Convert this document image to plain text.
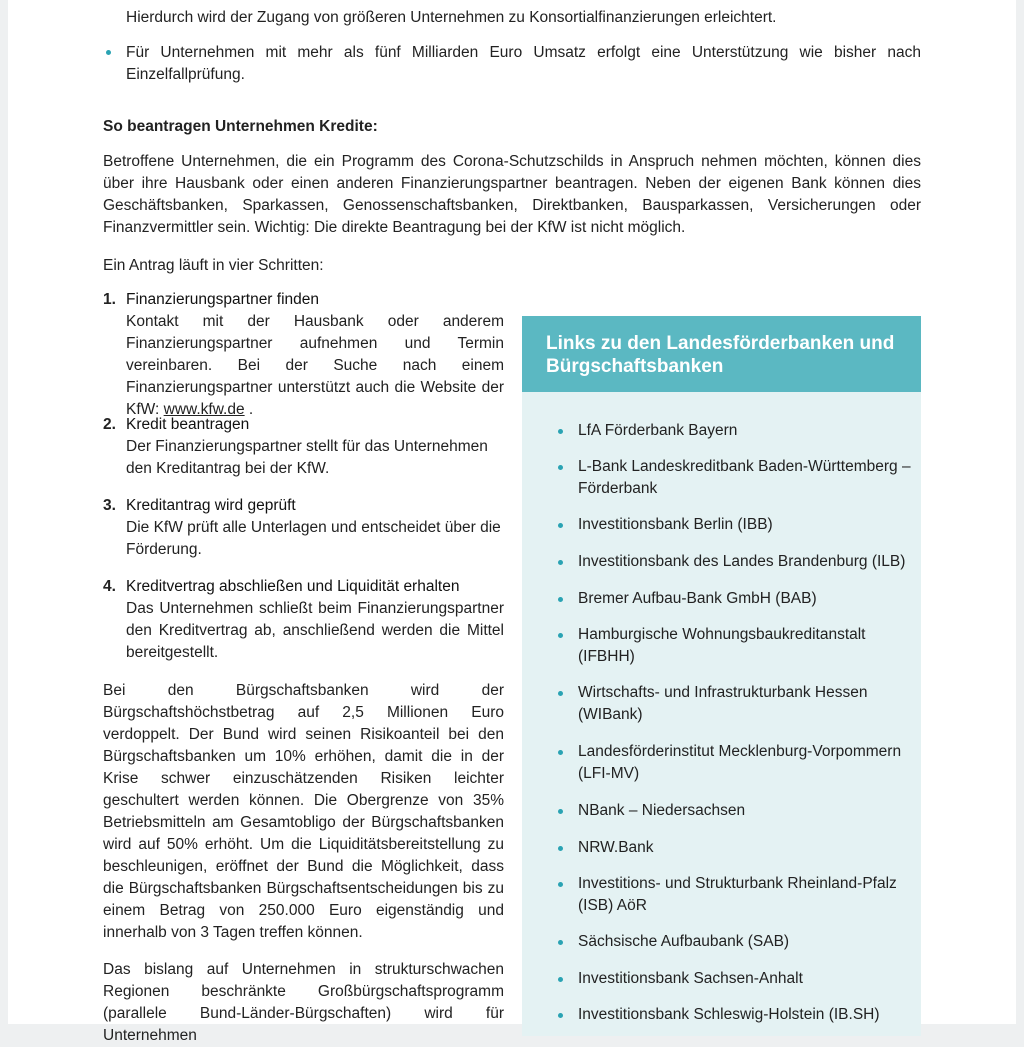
Hierdurch wird der Zugang von größeren Unternehmen zu Konsortialfinanzierungen erleichtert.
Für Unternehmen mit mehr als fünf Milliarden Euro Umsatz erfolgt eine Unterstützung wie bisher nach Einzelfallprüfung.
So beantragen Unternehmen Kredite:
Betroffene Unternehmen, die ein Programm des Corona-Schutzschilds in Anspruch nehmen möchten, können dies über ihre Hausbank oder einen anderen Finanzierungspartner beantragen. Neben der eigenen Bank können dies Geschäftsbanken, Sparkassen, Genossenschaftsbanken, Direktbanken, Bausparkassen, Versicherungen oder Finanzvermittler sein. Wichtig: Die direkte Beantragung bei der KfW ist nicht möglich.
Ein Antrag läuft in vier Schritten:
1. Finanzierungspartner finden
Kontakt mit der Hausbank oder anderem Finanzierungspartner aufnehmen und Termin vereinbaren. Bei der Suche nach einem Finanzierungspartner unterstützt auch die Website der KfW: www.kfw.de .
2. Kredit beantragen
Der Finanzierungspartner stellt für das Unternehmen den Kreditantrag bei der KfW.
3. Kreditantrag wird geprüft
Die KfW prüft alle Unterlagen und entscheidet über die Förderung.
4. Kreditvertrag abschließen und Liquidität erhalten
Das Unternehmen schließt beim Finanzierungspartner den Kreditvertrag ab, anschließend werden die Mittel bereitgestellt.
Bei den Bürgschaftsbanken wird der Bürgschaftshöchstbetrag auf 2,5 Millionen Euro verdoppelt. Der Bund wird seinen Risikoanteil bei den Bürgschaftsbanken um 10% erhöhen, damit die in der Krise schwer einzuschätzenden Risiken leichter geschultert werden können. Die Obergrenze von 35% Betriebsmitteln am Gesamtobligo der Bürgschaftsbanken wird auf 50% erhöht. Um die Liquiditätsbereitstellung zu beschleunigen, eröffnet der Bund die Möglichkeit, dass die Bürgschaftsbanken Bürgschaftsentscheidungen bis zu einem Betrag von 250.000 Euro eigenständig und innerhalb von 3 Tagen treffen können.
Das bislang auf Unternehmen in strukturschwachen Regionen beschränkte Großbürgschaftsprogramm (parallele Bund-Länder-Bürgschaften) wird für Unternehmen
Links zu den Landesförderbanken und Bürgschaftsbanken
LfA Förderbank Bayern
L-Bank Landeskreditbank Baden-Württemberg – Förderbank
Investitionsbank Berlin (IBB)
Investitionsbank des Landes Brandenburg (ILB)
Bremer Aufbau-Bank GmbH (BAB)
Hamburgische Wohnungsbaukreditanstalt (IFBHH)
Wirtschafts- und Infrastrukturbank Hessen (WIBank)
Landesförderinstitut Mecklenburg-Vorpommern (LFI-MV)
NBank – Niedersachsen
NRW.Bank
Investitions- und Strukturbank Rheinland-Pfalz (ISB) AöR
Sächsische Aufbaubank (SAB)
Investitionsbank Sachsen-Anhalt
Investitionsbank Schleswig-Holstein (IB.SH)
